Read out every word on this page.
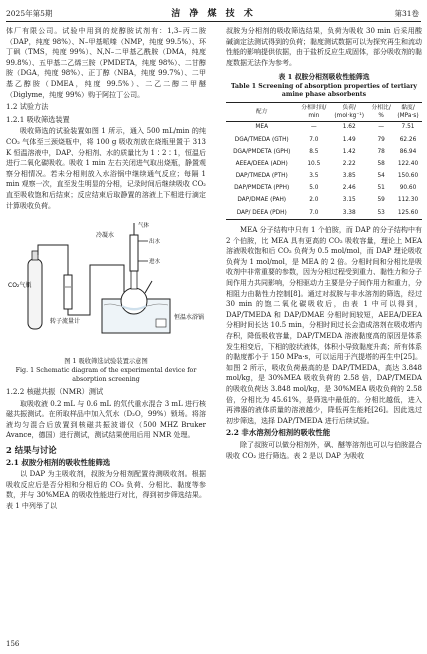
2025年第5期	洁 净 煤 技 术	第31卷

体厂有限公司。试验中用到的烷醇胺试剂有：1,3–丙二胺（DAP，纯度 98%）、N–甲基哌嗪（NMP，纯度 99.5%）、环丁砜（TMS，纯度 99%）、N,N–二甲基乙酰胺（DMA，纯度 99.8%）、五甲基二乙烯三胺（PMDETA，纯度 98%）、二甘醇胺（DGA，纯度 98%）、正丁醇（NBA，纯度 99.7%）、二甲基乙醇胺（DMEA，纯度 99.5%）、二乙二醇二甲醚（Diglyme，纯度 99%）购于阿拉丁公司。

1.2 试验方法

1.2.1 吸收筛选装置

吸收筛选的试验装置如图 1 所示，通入 500 mL/min 的纯 CO₂ 气体至三颈烧瓶中，将 100 g 吸收剂放在烧瓶里置于 313 K 恒温溶液中，DAP、分相剂、水的质量比为 1∶2∶1，恒温后进行二氧化碳吸收。吸收 1 min 左右关闭进气取出烧瓶，静置观察分相情况。若未分相则放入水浴锅中继续通气反应；每隔 1 min 观察一次，直至发生明显的分相，记录时间后继续吸收 CO₂ 直至吸收饱和后结束；反应结束后取静置的溶液上下相进行滴定计算吸收负荷。

CO₂气瓶
转子流量计
恒温水浴锅
气体
出水
进水
冷凝水

图 1 吸收筛选试验装置示意图

Fig. 1 Schematic diagram of the experimental device for absorption screening

1.2.2 核磁共振（NMR）测试

取吸收液 0.2 mL 与 0.6 mL 的氘代重水混合 3 mL 进行核磁共振测试。在所取样品中加入氘水（D₂O，99%）锁场。将溶液均匀混合后放置到核磁共振波谱仪（500 MHZ Bruker Avance，德国）进行测试，测试结果使用后用 NMR 处理。

2 结果与讨论

2.1 叔胺分相剂的吸收性能筛选

以 DAP 为主吸收剂，叔胺为分相剂配置待测吸收剂。根据吸收反应后是否分相和分相后的 CO₂ 负荷、分相比、黏度等参数，并与 30%MEA 的吸收性能进行对比，得到初步筛选结果。表 1 中列举了以

叔胺为分相剂的吸收筛选结果，负荷为吸收 30 min 后采用酸碱滴定法测试得到的负荷；黏度测试数据可以为探究再生和流动性能的影响提供依据，由于盐析反应生成固体，部分吸收剂的黏度数据无法作为参考。

表 1 叔胺分相剂吸收性能筛选

Table 1 Screening of absorption properties of tertiary amine phase absorbents

配方	分相时间/
min	负荷/
(mol·kg⁻¹)	分相比/
%	黏度/
(MPa·s)
MEA	—	1.62	—	7.51
DGA/TMEDA (GTH)	7.0	1.49	79	62.26
DGA/PMDETA (GPH)	8.5	1.42	78	86.94
AEEA/DEEA (ADH)	10.5	2.22	58	122.40
DAP/TMEDA (PTH)	3.5	3.85	54	150.60
DAP/PMDETA (PPH)	5.0	2.46	51	90.60
DAP/DMAE (PAH)	2.0	3.15	59	112.30
DAP/ DEEA (PDH)	7.0	3.38	53	125.60

MEA 分子结构中只有 1 个伯胺，而 DAP 的分子结构中有 2 个伯胺，比 MEA 具有更高的 CO₂ 吸收容量，理论上 MEA 溶液吸收饱和后 CO₂ 负荷为 0.5 mol/mol，而 DAP 理论吸收负荷为 1 mol/mol，是 MEA 的 2 倍。分相时间和分相比是吸收剂中非常重要的参数，因为分相过程受到重力、黏性力和分子间作用力共同影响，分相驱动力主要是分子间作用力和重力，分相阻力由黏性力控制[8]。通过对叔胺与非水溶剂的筛选，经过 30 min 的饱二氧化碳吸收后，由表 1 中可以得到，DAP/TMEDA 和 DAP/DMAE 分相时间较短，AEEA/DEEA 分相时间长达 10.5 min，分相时间过长会造成溶剂在吸收塔内存积，降低吸收容量，DAP/TMEDA 溶液黏度高的原因是体系发生相变后，下相的胶状液体，体积小导致黏度升高；所有体系的黏度都小于 150 MPa·s，可以运用于汽提塔的再生中[25]。如图 2 所示，吸收负荷最高的是 DAP/TMEDA，高达 3.848 mol/kg，是 30%MEA 吸收负荷的 2.58 倍，DAP/TMEDA 的吸收负荷达 3.848 mol/kg，是 30%MEA 吸收负荷的 2.58 倍，分相比为 45.61%，是筛选中最低的。分相比越低，进入再沸器的液体质量的溶液越少，降低再生能耗[26]。因此选过初步筛选，选择 DAP/TMEDA 进行后续试验。

2.2 非水溶剂分相剂的吸收性能

除了叔胺可以做分相剂外，砜、醚等溶剂也可以与伯胺混合吸收 CO₂ 进行筛选。表 2 是以 DAP 为吸收

156
